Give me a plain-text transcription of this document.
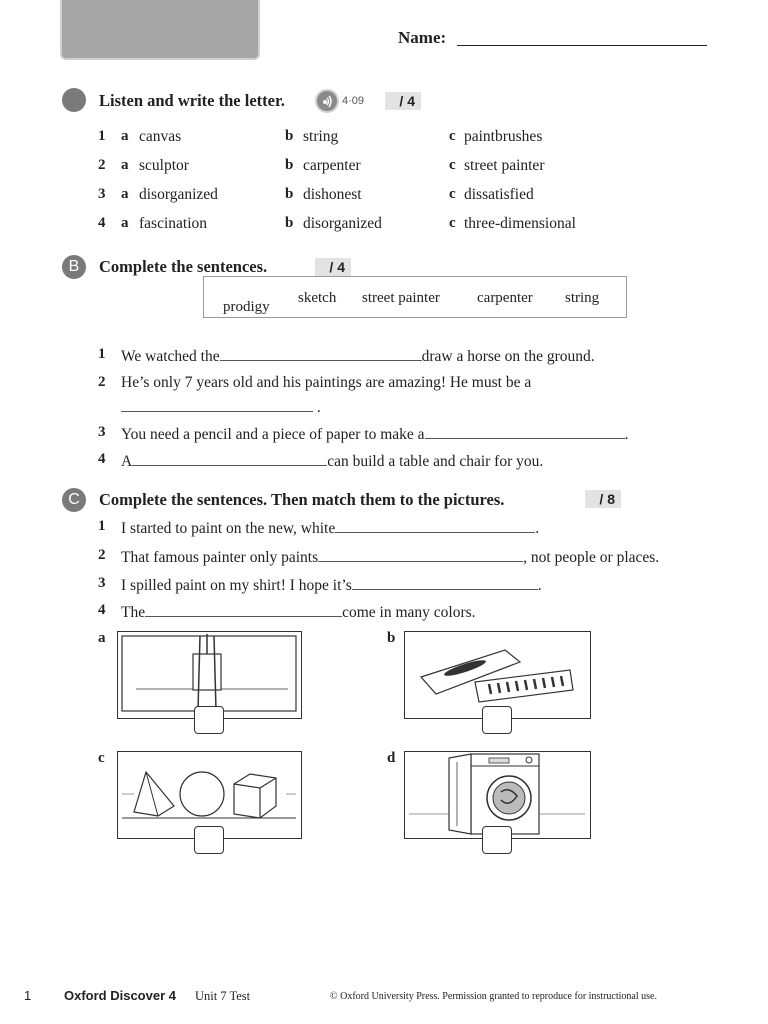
Name:
Listen and write the letter.	4·09	/ 4
1 a canvas	b string	c paintbrushes
2 a sculptor	b carpenter	c street painter
3 a disorganized	b dishonest	c dissatisfied
4 a fascination	b disorganized	c three-dimensional
B	Complete the sentences.	/ 4
prodigy
sketch street painter carpenter string
1 We watched the	draw a horse on the ground.
2 He’s only 7 years old and his paintings are amazing! He must be a
.
3 You need a pencil and a piece of paper to make a	.
4 A	can build a table and chair for you.
C	Complete the sentences. Then match them to the pictures.	/ 8
1 I started to paint on the new, white	.
2 That famous painter only paints	, not people or places.
3 I spilled paint on my shirt! I hope it’s	.
4 The	come in many colors.
a	b
c	d
1	Oxford Discover 4 Unit 7 Test	© Oxford University Press. Permission granted to reproduce for instructional use.
